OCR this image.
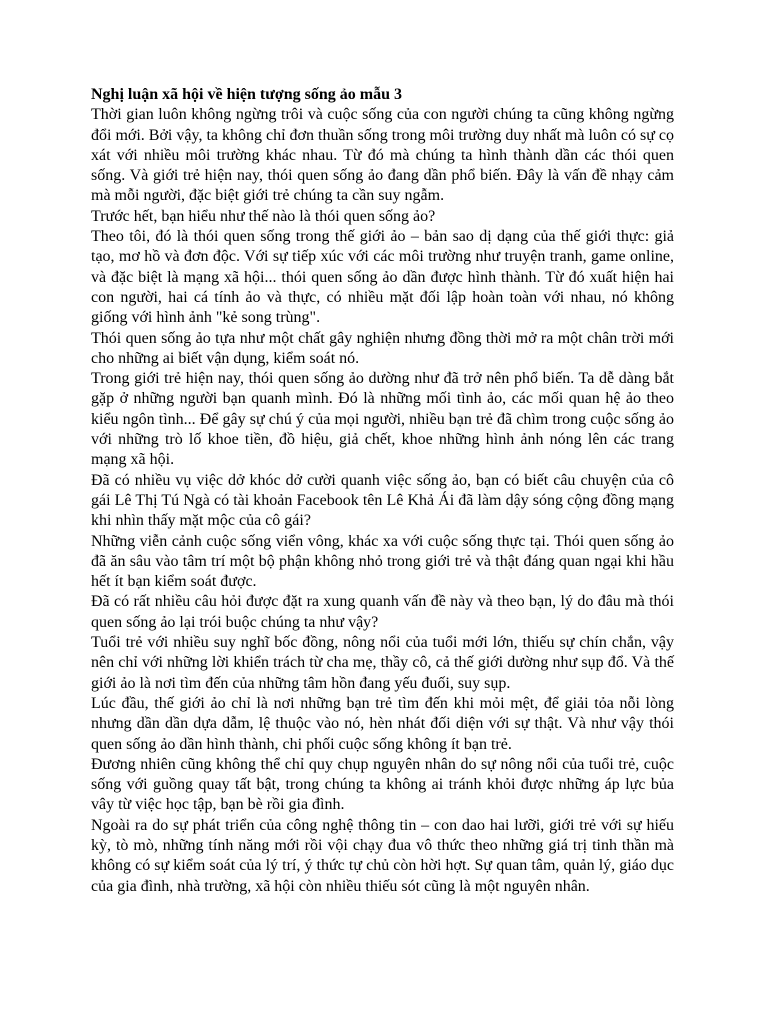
Nghị luận xã hội về hiện tượng sống ảo mẫu 3

Thời gian luôn không ngừng trôi và cuộc sống của con người chúng ta cũng không ngừng đổi mới. Bởi vậy, ta không chỉ đơn thuần sống trong môi trường duy nhất mà luôn có sự cọ xát với nhiều môi trường khác nhau. Từ đó mà chúng ta hình thành dần các thói quen sống. Và giới trẻ hiện nay, thói quen sống ảo đang dần phổ biến. Đây là vấn đề nhạy cảm mà mỗi người, đặc biệt giới trẻ chúng ta cần suy ngẫm.

Trước hết, bạn hiểu như thế nào là thói quen sống ảo?

Theo tôi, đó là thói quen sống trong thế giới ảo – bản sao dị dạng của thế giới thực: giả tạo, mơ hồ và đơn độc. Với sự tiếp xúc với các môi trường như truyện tranh, game online, và đặc biệt là mạng xã hội... thói quen sống ảo dần được hình thành. Từ đó xuất hiện hai con người, hai cá tính ảo và thực, có nhiều mặt đối lập hoàn toàn với nhau, nó không giống với hình ảnh "kẻ song trùng".

Thói quen sống ảo tựa như một chất gây nghiện nhưng đồng thời mở ra một chân trời mới cho những ai biết vận dụng, kiểm soát nó.

Trong giới trẻ hiện nay, thói quen sống ảo dường như đã trở nên phổ biến. Ta dễ dàng bắt gặp ở những người bạn quanh mình. Đó là những mối tình ảo, các mối quan hệ ảo theo kiểu ngôn tình... Để gây sự chú ý của mọi người, nhiều bạn trẻ đã chìm trong cuộc sống ảo với những trò lố khoe tiền, đồ hiệu, giả chết, khoe những hình ảnh nóng lên các trang mạng xã hội.

Đã có nhiều vụ việc dở khóc dở cười quanh việc sống ảo, bạn có biết câu chuyện của cô gái Lê Thị Tú Ngà có tài khoản Facebook tên Lê Khả Ái đã làm dậy sóng cộng đồng mạng khi nhìn thấy mặt mộc của cô gái?

Những viễn cảnh cuộc sống viển vông, khác xa với cuộc sống thực tại. Thói quen sống ảo đã ăn sâu vào tâm trí một bộ phận không nhỏ trong giới trẻ và thật đáng quan ngại khi hầu hết ít bạn kiểm soát được.

Đã có rất nhiều câu hỏi được đặt ra xung quanh vấn đề này và theo bạn, lý do đâu mà thói quen sống ảo lại trói buộc chúng ta như vậy?

Tuổi trẻ với nhiều suy nghĩ bốc đồng, nông nổi của tuổi mới lớn, thiếu sự chín chắn, vậy nên chỉ với những lời khiển trách từ cha mẹ, thầy cô, cả thế giới dường như sụp đổ. Và thế giới ảo là nơi tìm đến của những tâm hồn đang yếu đuối, suy sụp.

Lúc đầu, thế giới ảo chỉ là nơi những bạn trẻ tìm đến khi mỏi mệt, để giải tỏa nỗi lòng nhưng dần dần dựa dẫm, lệ thuộc vào nó, hèn nhát đối diện với sự thật. Và như vậy thói quen sống ảo dần hình thành, chi phối cuộc sống không ít bạn trẻ.

Đương nhiên cũng không thể chỉ quy chụp nguyên nhân do sự nông nổi của tuổi trẻ, cuộc sống với guồng quay tất bật, trong chúng ta không ai tránh khỏi được những áp lực bủa vây từ việc học tập, bạn bè rồi gia đình.

Ngoài ra do sự phát triển của công nghệ thông tin – con dao hai lưỡi, giới trẻ với sự hiếu kỳ, tò mò, những tính năng mới rồi vội chạy đua vô thức theo những giá trị tinh thần mà không có sự kiểm soát của lý trí, ý thức tự chủ còn hời hợt. Sự quan tâm, quản lý, giáo dục của gia đình, nhà trường, xã hội còn nhiều thiếu sót cũng là một nguyên nhân.
